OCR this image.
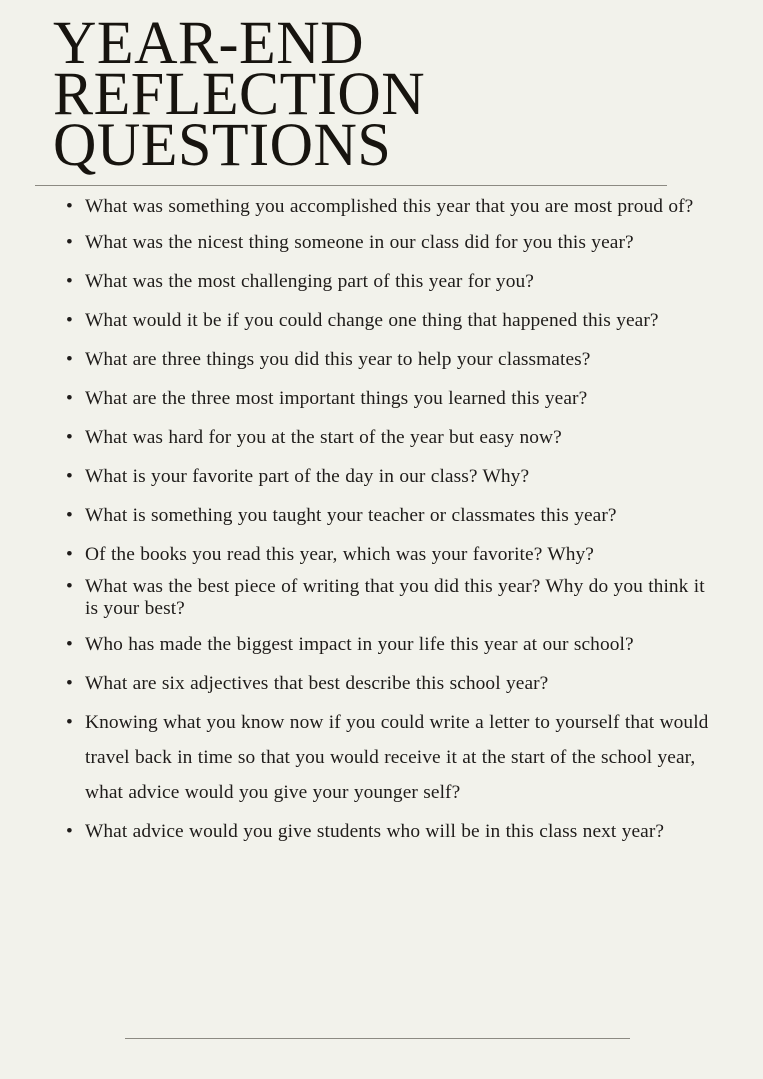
YEAR-END
REFLECTION
QUESTIONS
• What was something you accomplished this year that you are most proud of?
• What was the nicest thing someone in our class did for you this year?
• What was the most challenging part of this year for you?
• What would it be if you could change one thing that happened this year?
• What are three things you did this year to help your classmates?
• What are the three most important things you learned this year?
• What was hard for you at the start of the year but easy now?
• What is your favorite part of the day in our class? Why?
• What is something you taught your teacher or classmates this year?
• Of the books you read this year, which was your favorite? Why?
• What was the best piece of writing that you did this year? Why do you think it is your best?
• Who has made the biggest impact in your life this year at our school?
• What are six adjectives that best describe this school year?
• Knowing what you know now if you could write a letter to yourself that would travel back in time so that you would receive it at the start of the school year, what advice would you give your younger self?
• What advice would you give students who will be in this class next year?
